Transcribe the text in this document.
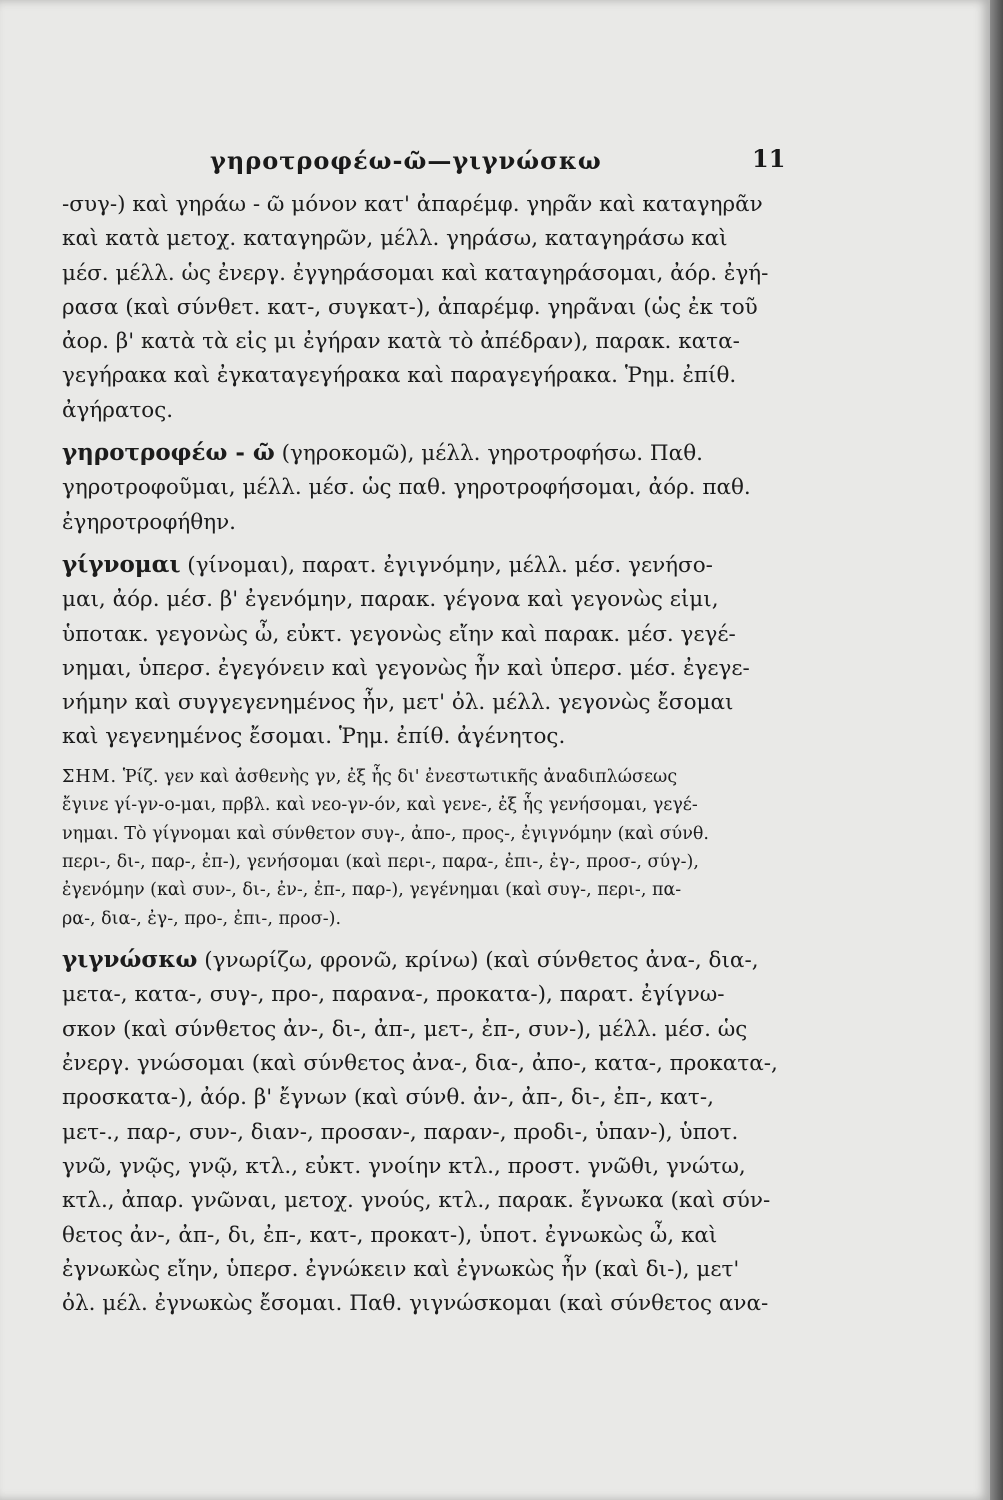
γηροτροφέω-ῶ—γιγνώσκω	11

-συγ-) καὶ γηράω - ῶ μόνον κατ' ἀπαρέμφ. γηρᾶν καὶ καταγηρᾶν

καὶ κατὰ μετοχ. καταγηρῶν, μέλλ. γηράσω, καταγηράσω καὶ

μέσ. μέλλ. ὡς ἐνεργ. ἐγγηράσομαι καὶ καταγηράσομαι, ἀόρ. ἐγή-

ρασα (καὶ σύνθετ. κατ-, συγκατ-), ἀπαρέμφ. γηρᾶναι (ὡς ἐκ τοῦ

ἀορ. β' κατὰ τὰ εἰς μι ἐγήραν κατὰ τὸ ἀπέδραν), παρακ. κατα-

γεγήρακα καὶ ἐγκαταγεγήρακα καὶ παραγεγήρακα. Ῥημ. ἐπίθ.

ἀγήρατος.

γηροτροφέω - ῶ (γηροκομῶ), μέλλ. γηροτροφήσω. Παθ.

γηροτροφοῦμαι, μέλλ. μέσ. ὡς παθ. γηροτροφήσομαι, ἀόρ. παθ.

ἐγηροτροφήθην.

γίγνομαι (γίνομαι), παρατ. ἐγιγνόμην, μέλλ. μέσ. γενήσο-

μαι, ἀόρ. μέσ. β' ἐγενόμην, παρακ. γέγονα καὶ γεγονὼς εἰμι,

ὑποτακ. γεγονὼς ὦ, εὐκτ. γεγονὼς εἴην καὶ παρακ. μέσ. γεγέ-

νημαι, ὑπερσ. ἐγεγόνειν καὶ γεγονὼς ἦν καὶ ὑπερσ. μέσ. ἐγεγε-

νήμην καὶ συγγεγενημένος ἦν, μετ' ὀλ. μέλλ. γεγονὼς ἔσομαι

καὶ γεγενημένος ἔσομαι. Ῥημ. ἐπίθ. ἀγένητος.

ΣΗΜ. Ῥίζ. γεν καὶ ἀσθενὴς γν, ἐξ ἧς δι' ἐνεστωτικῆς ἀναδιπλώσεως

ἔγινε γί-γν-ο-μαι, πρβλ. καὶ νεο-γν-όν, καὶ γενε-, ἐξ ἧς γενήσομαι, γεγέ-

νημαι. Τὸ γίγνομαι καὶ σύνθετον συγ-, ἀπο-, προς-, ἐγιγνόμην (καὶ σύνθ.

περι-, δι-, παρ-, ἐπ-), γενήσομαι (καὶ περι-, παρα-, ἐπι-, ἐγ-, προσ-, σύγ-),

ἐγενόμην (καὶ συν-, δι-, ἐν-, ἐπ-, παρ-), γεγένημαι (καὶ συγ-, περι-, πα-

ρα-, δια-, ἐγ-, προ-, ἐπι-, προσ-).

γιγνώσκω (γνωρίζω, φρονῶ, κρίνω) (καὶ σύνθετος ἀνα-, δια-,

μετα-, κατα-, συγ-, προ-, παρανα-, προκατα-), παρατ. ἐγίγνω-

σκον (καὶ σύνθετος ἀν-, δι-, ἀπ-, μετ-, ἐπ-, συν-), μέλλ. μέσ. ὡς

ἐνεργ. γνώσομαι (καὶ σύνθετος ἀνα-, δια-, ἀπο-, κατα-, προκατα-,

προσκατα-), ἀόρ. β' ἔγνων (καὶ σύνθ. ἀν-, ἀπ-, δι-, ἐπ-, κατ-,

μετ-., παρ-, συν-, διαν-, προσαν-, παραν-, προδι-, ὑπαν-), ὑποτ.

γνῶ, γνῷς, γνῷ, κτλ., εὐκτ. γνοίην κτλ., προστ. γνῶθι, γνώτω,

κτλ., ἀπαρ. γνῶναι, μετοχ. γνούς, κτλ., παρακ. ἔγνωκα (καὶ σύν-

θετος ἀν-, ἀπ-, δι, ἐπ-, κατ-, προκατ-), ὑποτ. ἐγνωκὼς ὦ, καὶ

ἐγνωκὼς εἴην, ὑπερσ. ἐγνώκειν καὶ ἐγνωκὼς ἦν (καὶ δι-), μετ'

ὀλ. μέλ. ἐγνωκὼς ἔσομαι. Παθ. γιγνώσκομαι (καὶ σύνθετος ανα-
